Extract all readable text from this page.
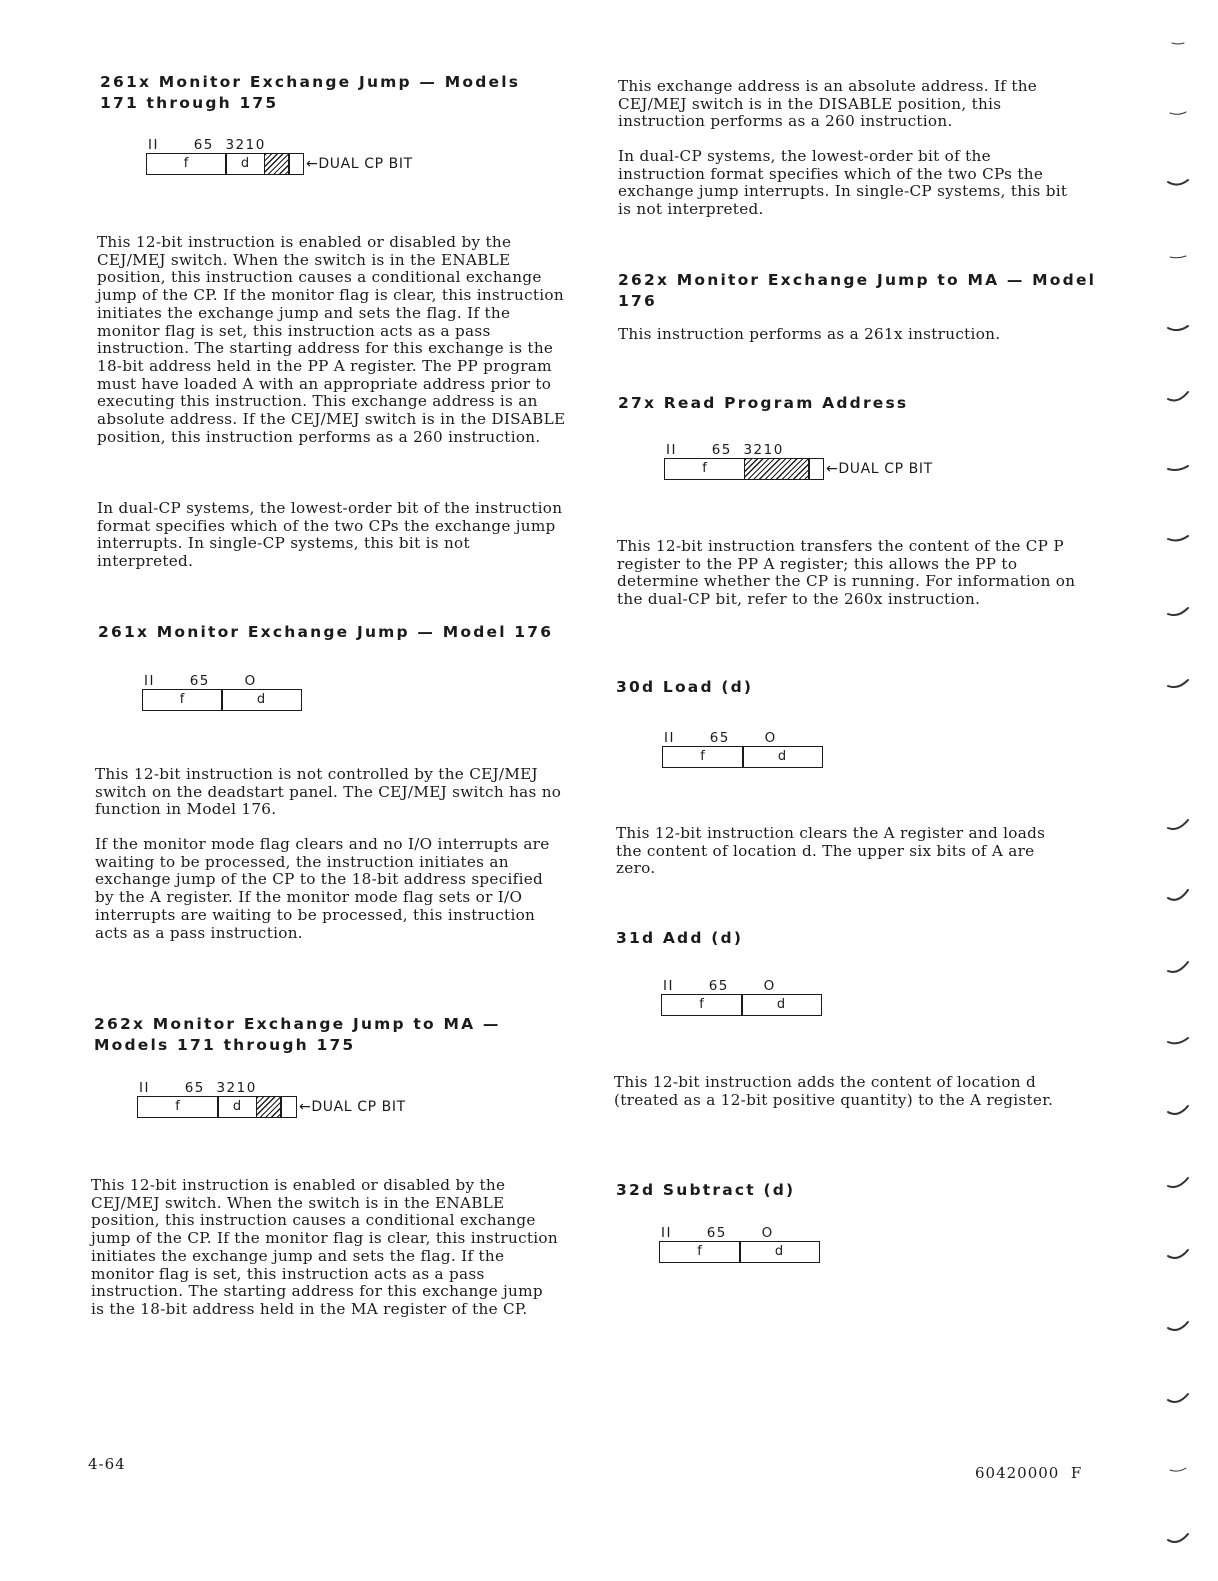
261x Monitor Exchange Jump — Models 171 through 175
II      65  3210
f	d	←DUAL CP BIT

This 12-bit instruction is enabled or disabled by the CEJ/MEJ switch. When the switch is in the ENABLE position, this instruction causes a conditional exchange jump of the CP. If the monitor flag is clear, this instruction initiates the exchange jump and sets the flag. If the monitor flag is set, this instruction acts as a pass instruction. The starting address for this exchange is the 18-bit address held in the PP A register. The PP program must have loaded A with an appropriate address prior to executing this instruction. This exchange address is an absolute address. If the CEJ/MEJ switch is in the DISABLE position, this instruction performs as a 260 instruction.

In dual-CP systems, the lowest-order bit of the instruction format specifies which of the two CPs the exchange jump interrupts. In single-CP systems, this bit is not interpreted.

261x Monitor Exchange Jump — Model 176
II      65      O
f	d

This 12-bit instruction is not controlled by the CEJ/MEJ switch on the deadstart panel. The CEJ/MEJ switch has no function in Model 176.

If the monitor mode flag clears and no I/O interrupts are waiting to be processed, the instruction initiates an exchange jump of the CP to the 18-bit address specified by the A register. If the monitor mode flag sets or I/O interrupts are waiting to be processed, this instruction acts as a pass instruction.

262x Monitor Exchange Jump to MA — Models 171 through 175
II      65  3210
f	d	←DUAL CP BIT

This 12-bit instruction is enabled or disabled by the CEJ/MEJ switch. When the switch is in the ENABLE position, this instruction causes a conditional exchange jump of the CP. If the monitor flag is clear, this instruction initiates the exchange jump and sets the flag. If the monitor flag is set, this instruction acts as a pass instruction. The starting address for this exchange jump is the 18-bit address held in the MA register of the CP.

This exchange address is an absolute address. If the CEJ/MEJ switch is in the DISABLE position, this instruction performs as a 260 instruction.

In dual-CP systems, the lowest-order bit of the instruction format specifies which of the two CPs the exchange jump interrupts. In single-CP systems, this bit is not interpreted.

262x Monitor Exchange Jump to MA — Model 176

This instruction performs as a 261x instruction.

27x Read Program Address
II      65  3210
f	←DUAL CP BIT

This 12-bit instruction transfers the content of the CP P register to the PP A register; this allows the PP to determine whether the CP is running. For information on the dual-CP bit, refer to the 260x instruction.

30d Load (d)
II      65      O
f	d

This 12-bit instruction clears the A register and loads the content of location d. The upper six bits of A are zero.

31d Add (d)
II      65      O
f	d

This 12-bit instruction adds the content of location d (treated as a 12-bit positive quantity) to the A register.

32d Subtract (d)
II      65      O
f	d
4-64	60420000  F
